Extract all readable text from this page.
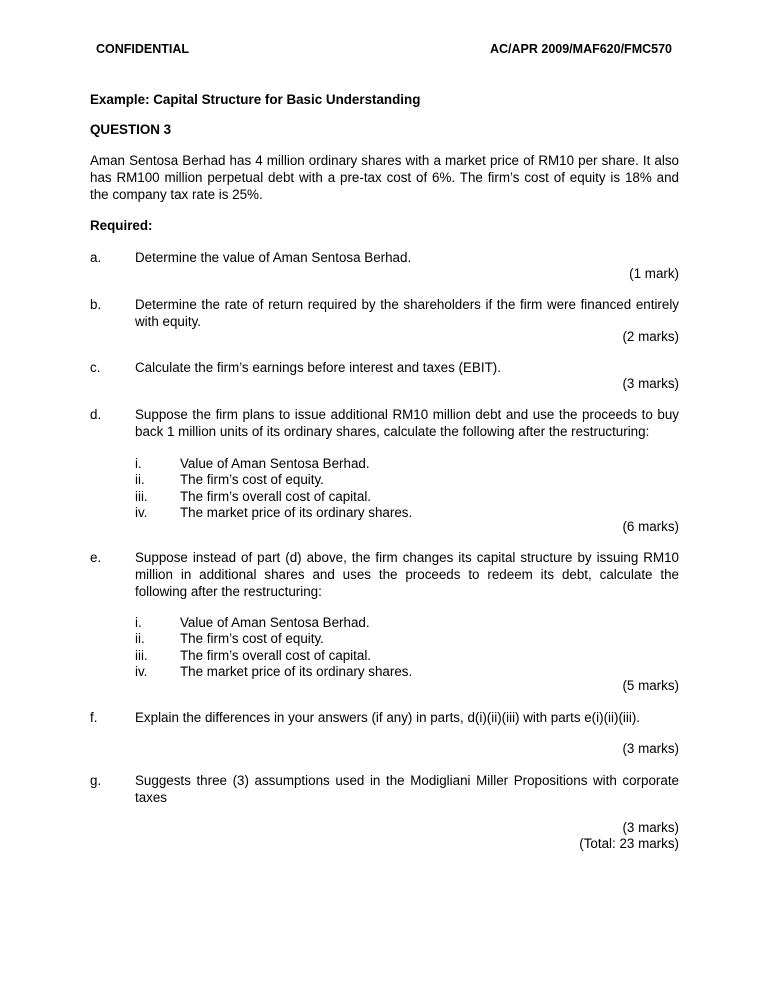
CONFIDENTIAL	AC/APR 2009/MAF620/FMC570
Example: Capital Structure for Basic Understanding
QUESTION 3
Aman Sentosa Berhad has 4 million ordinary shares with a market price of RM10 per share. It also has RM100 million perpetual debt with a pre-tax cost of 6%. The firm’s cost of equity is 18% and the company tax rate is 25%.
Required:
a.	Determine the value of Aman Sentosa Berhad.
(1 mark)
b.	Determine the rate of return required by the shareholders if the firm were financed entirely with equity.
(2 marks)
c.	Calculate the firm’s earnings before interest and taxes (EBIT).
(3 marks)
d.	Suppose the firm plans to issue additional RM10 million debt and use the proceeds to buy back 1 million units of its ordinary shares, calculate the following after the restructuring:
i.	Value of Aman Sentosa Berhad.
ii.	The firm’s cost of equity.
iii. The firm’s overall cost of capital.
iv. The market price of its ordinary shares.
(6 marks)
e.	Suppose instead of part (d) above, the firm changes its capital structure by issuing RM10 million in additional shares and uses the proceeds to redeem its debt, calculate the following after the restructuring:
i.	Value of Aman Sentosa Berhad.
ii.	The firm’s cost of equity.
iii. The firm’s overall cost of capital.
iv. The market price of its ordinary shares.
(5 marks)
f.	Explain the differences in your answers (if any) in parts, d(i)(ii)(iii) with parts e(i)(ii)(iii).
(3 marks)
g.	Suggests three (3) assumptions used in the Modigliani Miller Propositions with corporate taxes
(3 marks)
(Total: 23 marks)
